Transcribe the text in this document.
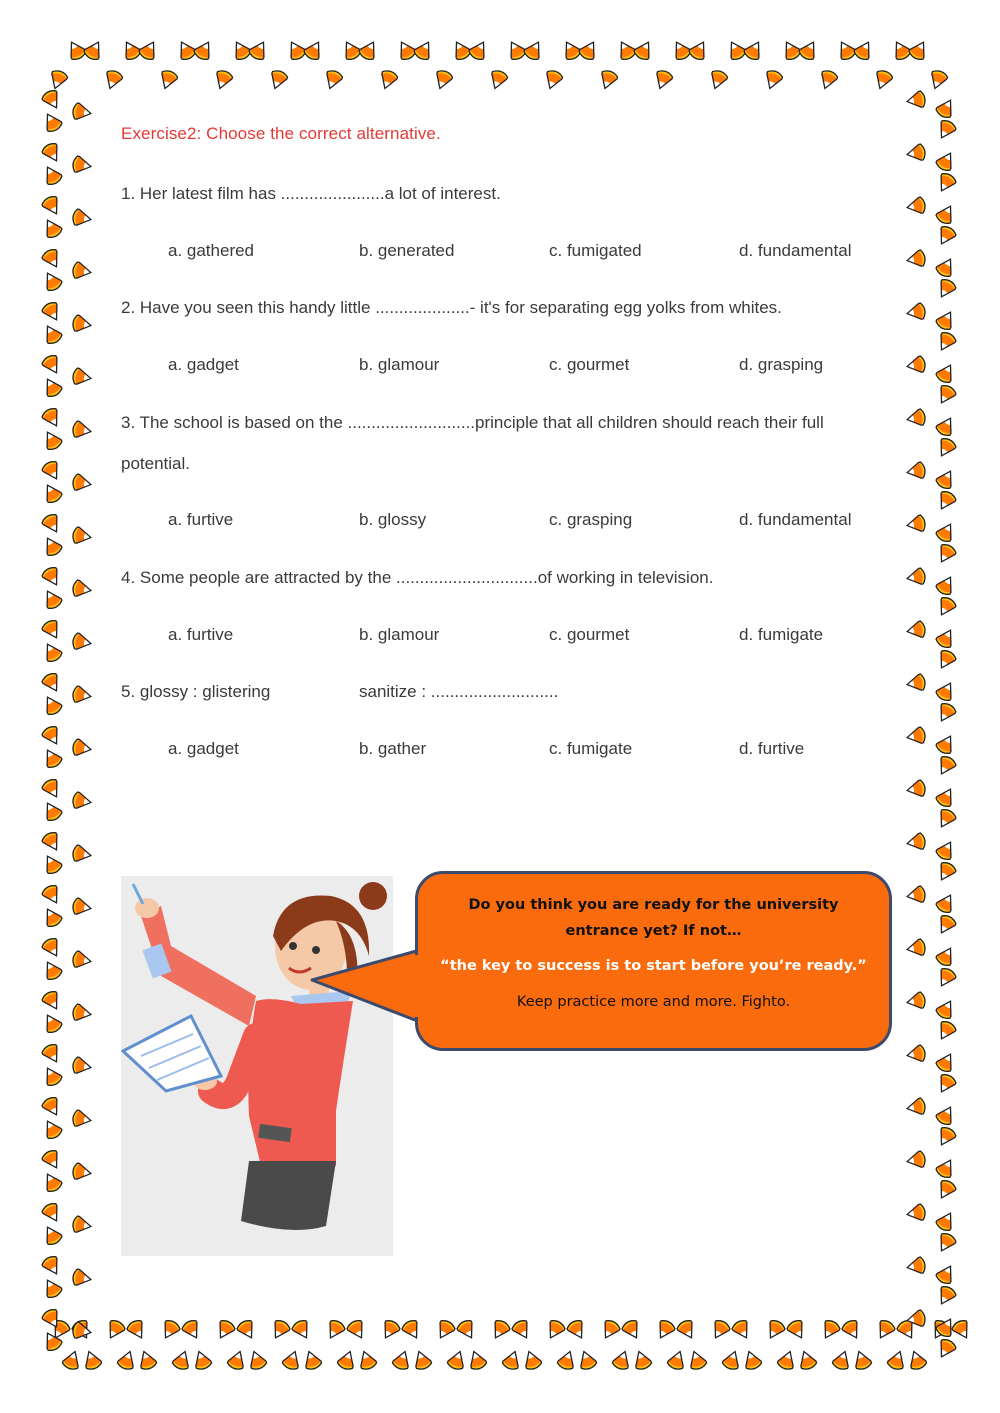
Exercise2: Choose the correct alternative.
1. Her latest film has ......................a lot of interest.
a. gathered	b. generated	c. fumigated	d. fundamental
2. Have you seen this handy little ....................- it's for separating egg yolks from whites.
a. gadget	b. glamour	c. gourmet	d. grasping
3. The school is based on the ...........................principle that all children should reach their full potential.
a. furtive	b. glossy	c. grasping	d. fundamental
4. Some people are attracted by the ..............................of working in television.
a. furtive	b. glamour	c. gourmet	d. fumigate
5. glossy : glistering	sanitize : ...........................
a. gadget	b. gather	c. fumigate	d. furtive
Do you think you are ready for the university entrance yet? If not…
“the key to success is to start before you’re ready.”
Keep practice more and more. Fighto.
